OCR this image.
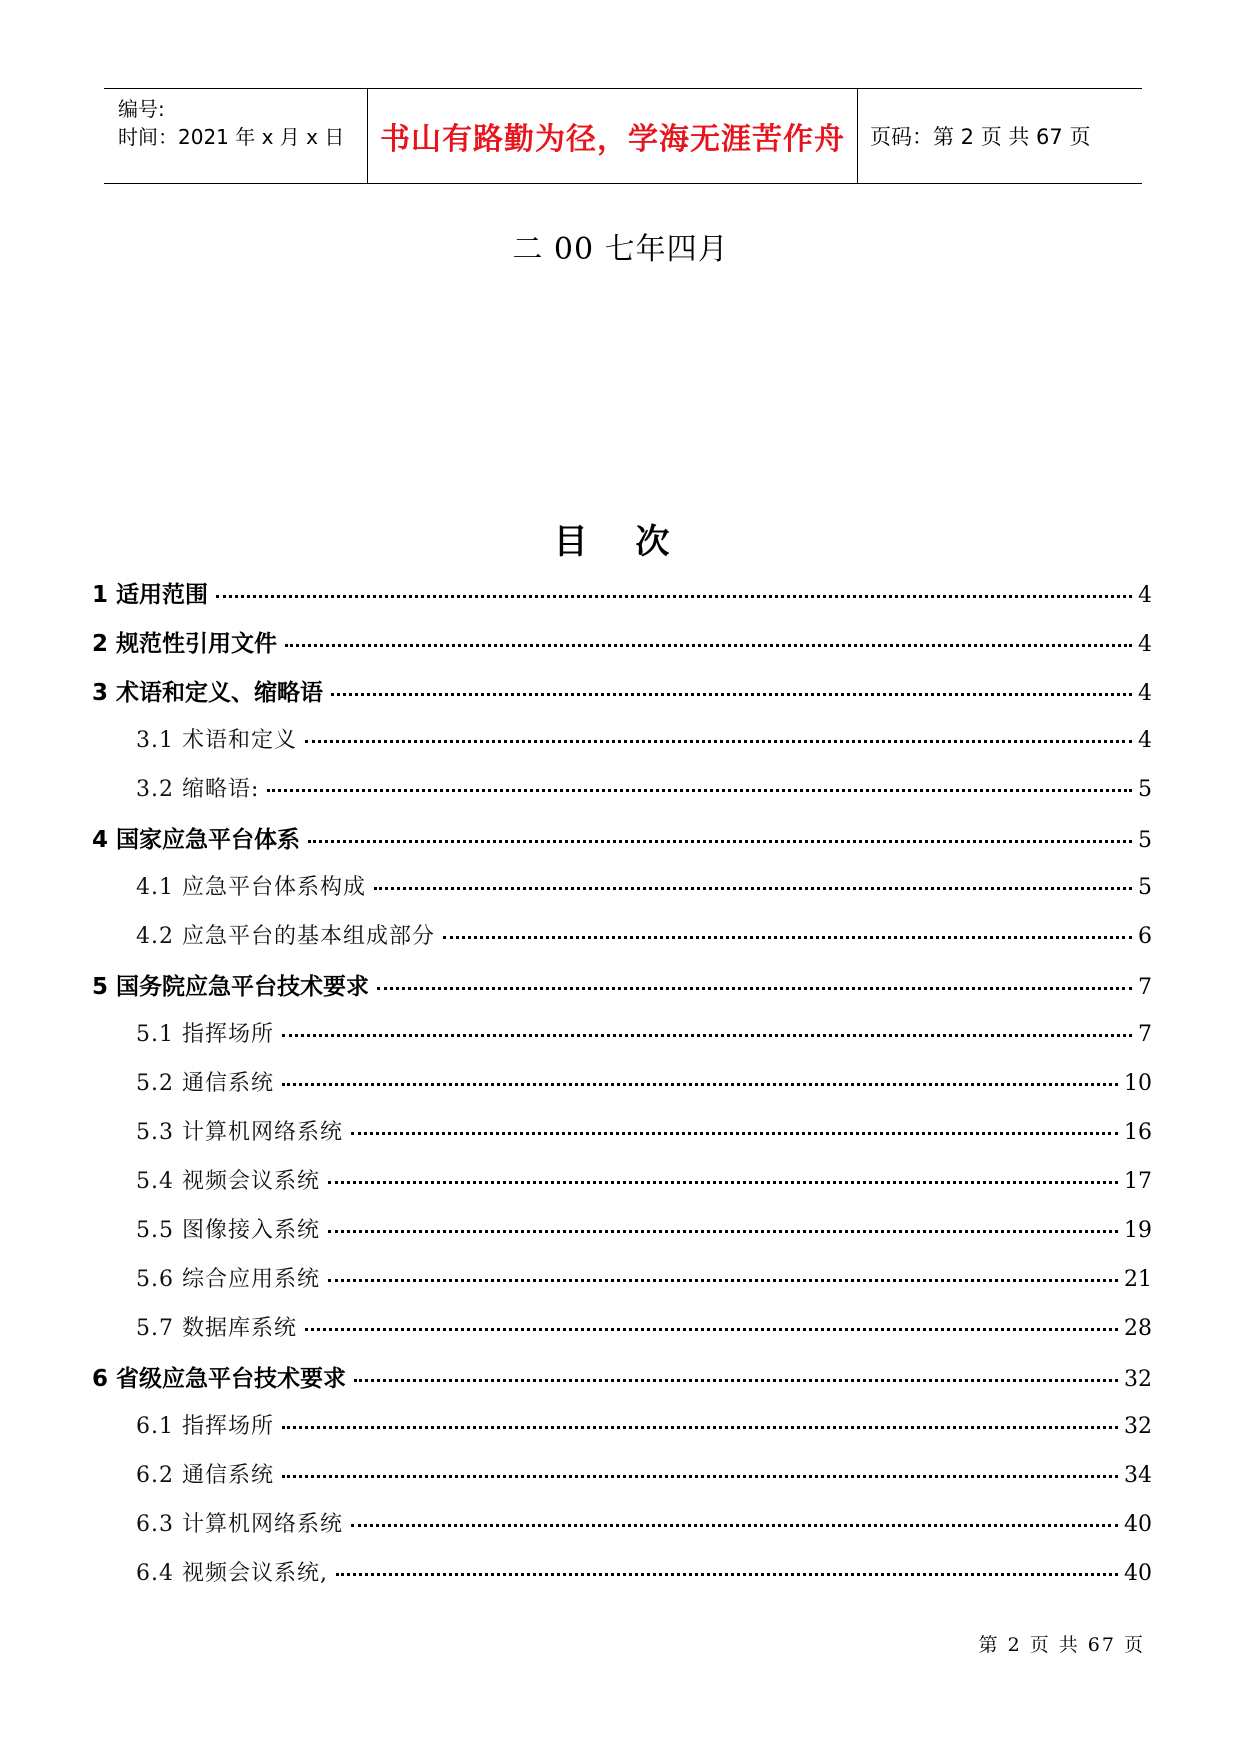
编号:
时间：2021 年 x 月 x 日	书山有路勤为径，学海无涯苦作舟 页码：第 2 页 共 67 页
二 00 七年四月
目 次
1 适用范围	4
2 规范性引用文件	4
3 术语和定义、缩略语	4
3.1 术语和定义	4
3.2 缩略语:	5
4 国家应急平台体系	5
4.1 应急平台体系构成	5
4.2 应急平台的基本组成部分	6
5 国务院应急平台技术要求	7
5.1 指挥场所	7
5.2 通信系统	10
5.3 计算机网络系统	16
5.4 视频会议系统	17
5.5 图像接入系统	19
5.6 综合应用系统	21
5.7 数据库系统	28
6 省级应急平台技术要求	32
6.1 指挥场所	32
6.2 通信系统	34
6.3 计算机网络系统	40
6.4 视频会议系统,	40
第 2 页 共 67 页
